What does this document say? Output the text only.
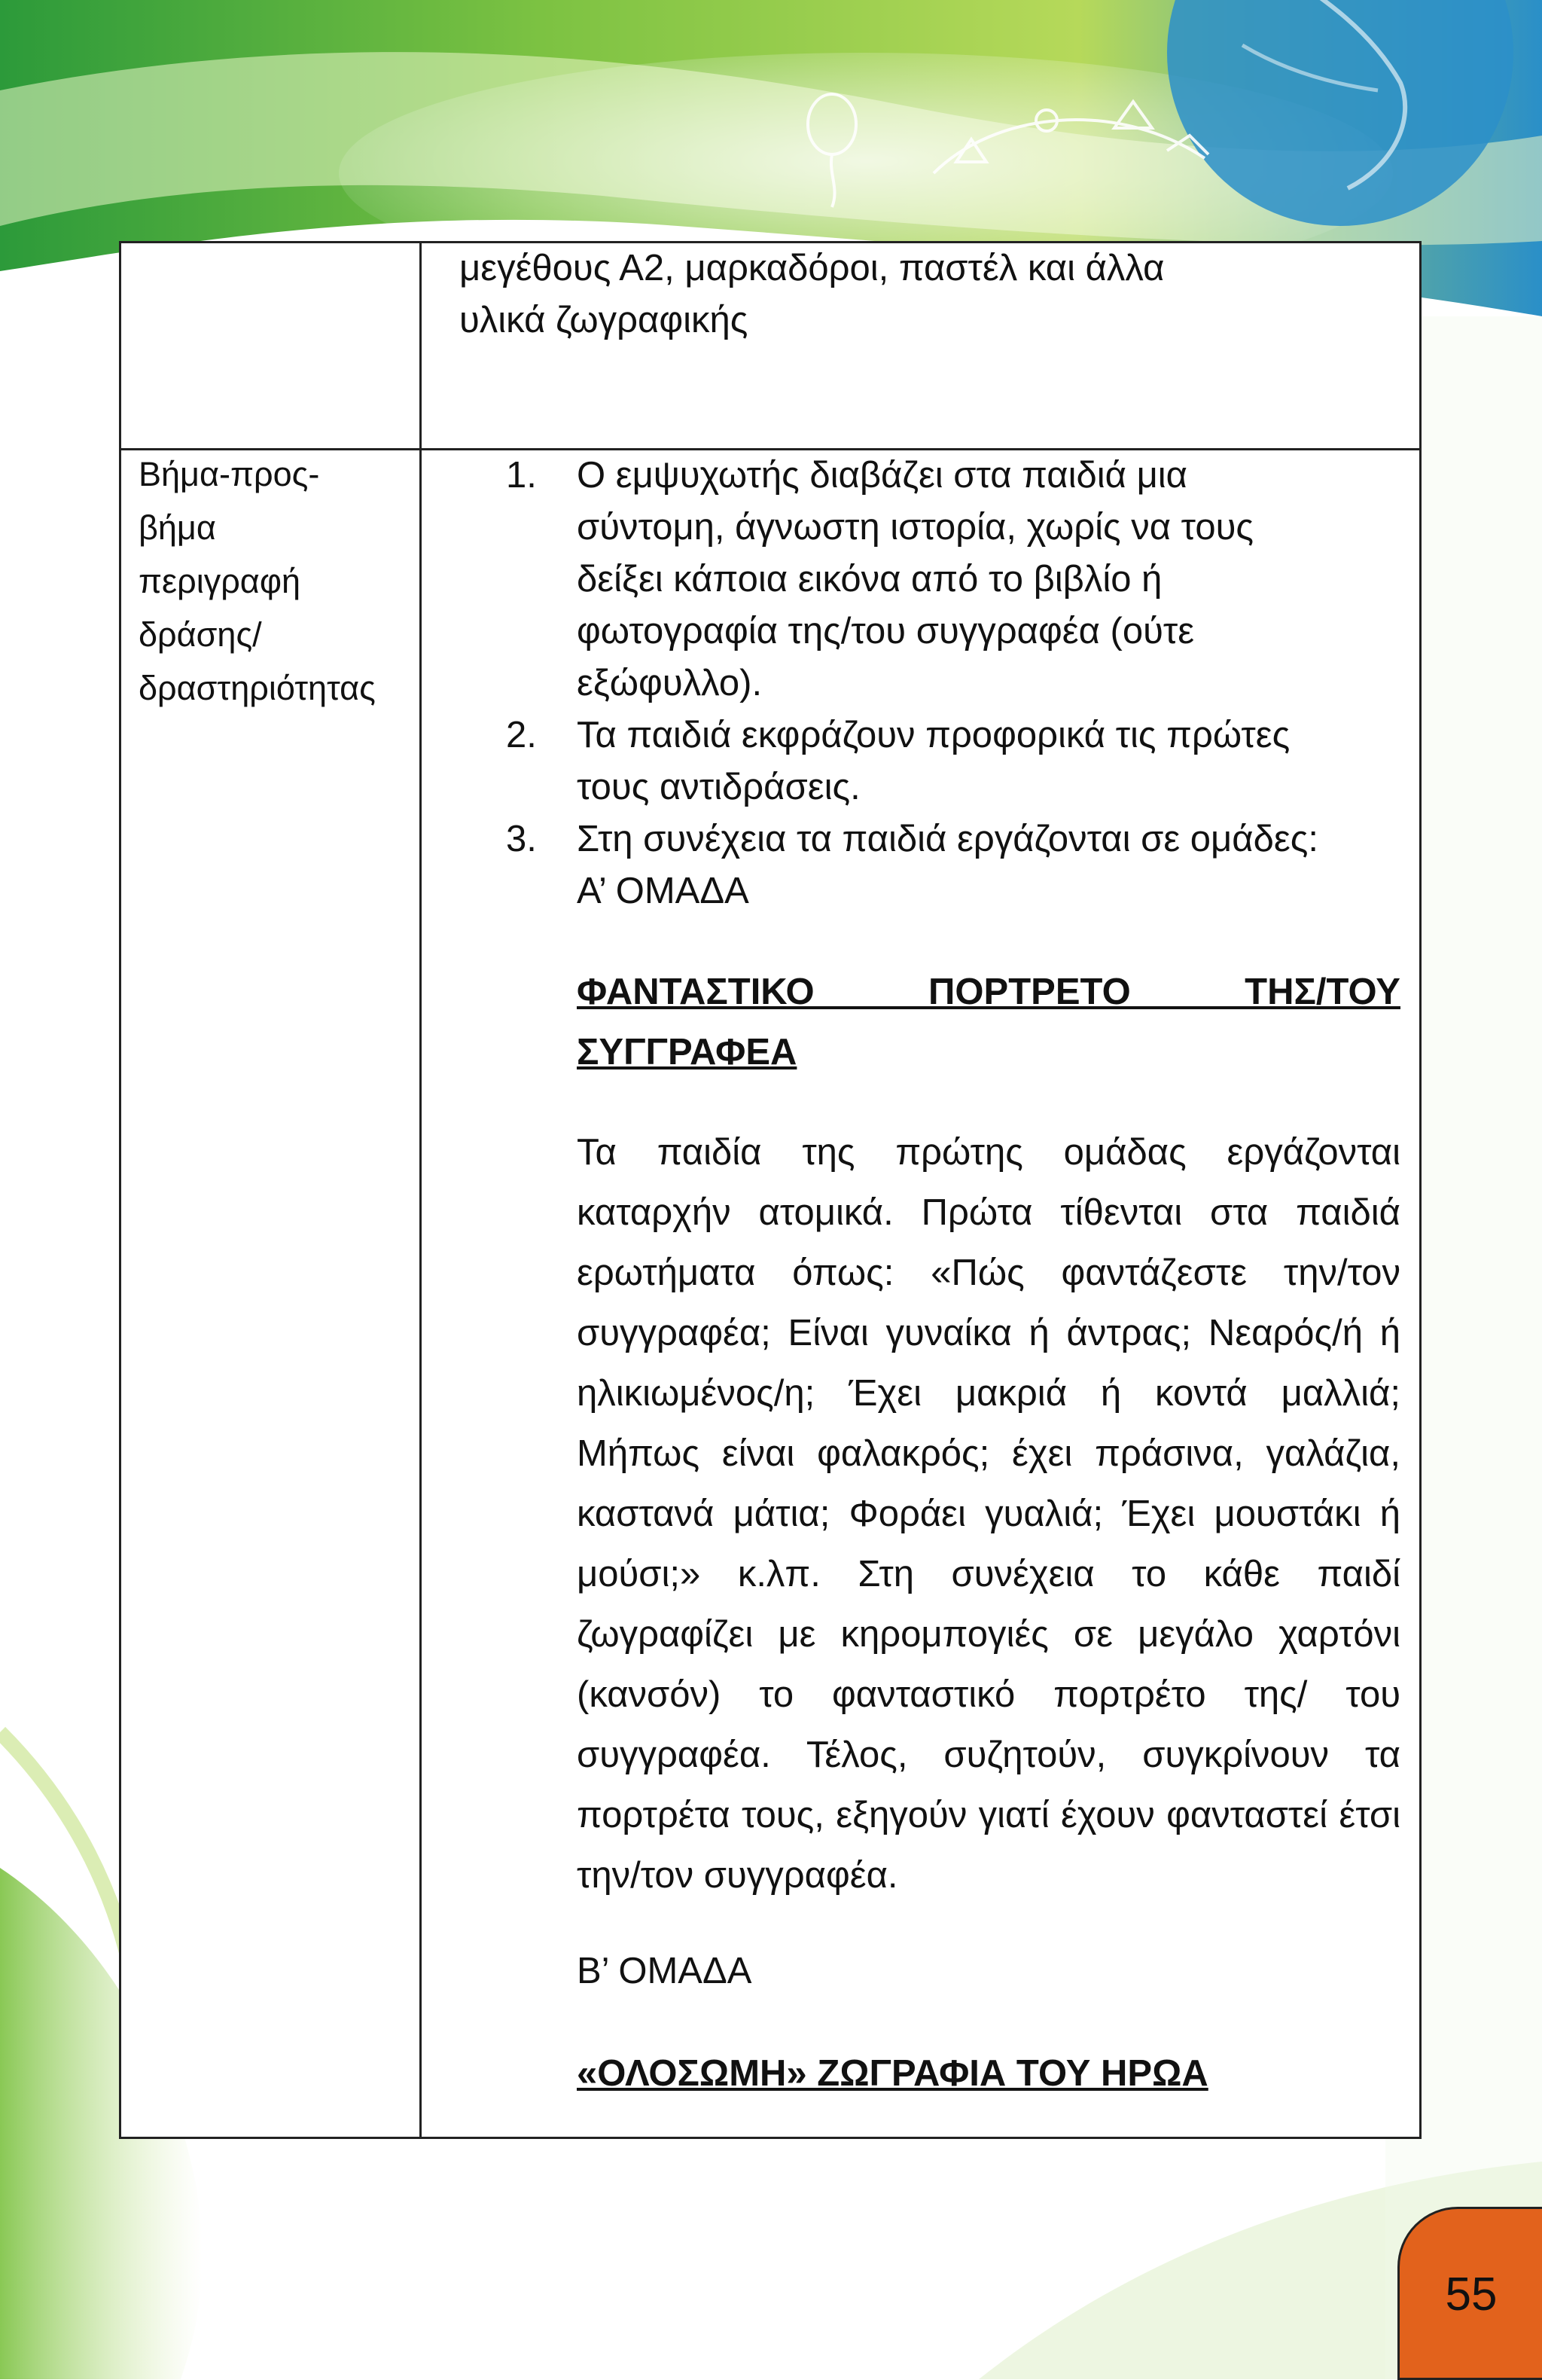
μεγέθους Α2, μαρκαδόροι, παστέλ και άλλα
υλικά ζωγραφικής
Βήμα-προς-
βήμα
περιγραφή
δράσης/
δραστηριότητας
1. Ο εμψυχωτής διαβάζει στα παιδιά μια
σύντομη, άγνωστη ιστορία, χωρίς να τους
δείξει κάποια εικόνα από το βιβλίο ή
φωτογραφία της/του συγγραφέα (ούτε
εξώφυλλο).
2. Τα παιδιά εκφράζουν προφορικά τις πρώτες
τους αντιδράσεις.
3. Στη συνέχεια τα παιδιά εργάζονται σε ομάδες:
Α’ ΟΜΑΔΑ
ΦΑΝΤΑΣΤΙΚΟ ΠΟΡΤΡΕΤΟ ΤΗΣ/ΤΟΥ ΣΥΓΓΡΑΦΕΑ
Τα παιδία της πρώτης ομάδας εργάζονται καταρχήν ατομικά. Πρώτα τίθενται στα παιδιά ερωτήματα όπως: «Πώς φαντάζεστε την/τον συγγραφέα; Είναι γυναίκα ή άντρας; Νεαρός/ή ή ηλικιωμένος/η; Έχει μακριά ή κοντά μαλλιά; Μήπως είναι φαλακρός; έχει πράσινα, γαλάζια, καστανά μάτια; Φοράει γυαλιά; Έχει μουστάκι ή μούσι;» κ.λπ. Στη συνέχεια το κάθε παιδί ζωγραφίζει με κηρομπογιές σε μεγάλο χαρτόνι (κανσόν) το φανταστικό πορτρέτο της/ του συγγραφέα. Τέλος, συζητούν, συγκρίνουν τα πορτρέτα τους, εξηγούν γιατί έχουν φανταστεί έτσι την/τον συγγραφέα.
Β’ ΟΜΑΔΑ
«ΟΛΟΣΩΜΗ» ΖΩΓΡΑΦΙΑ ΤΟΥ ΗΡΩΑ
55
